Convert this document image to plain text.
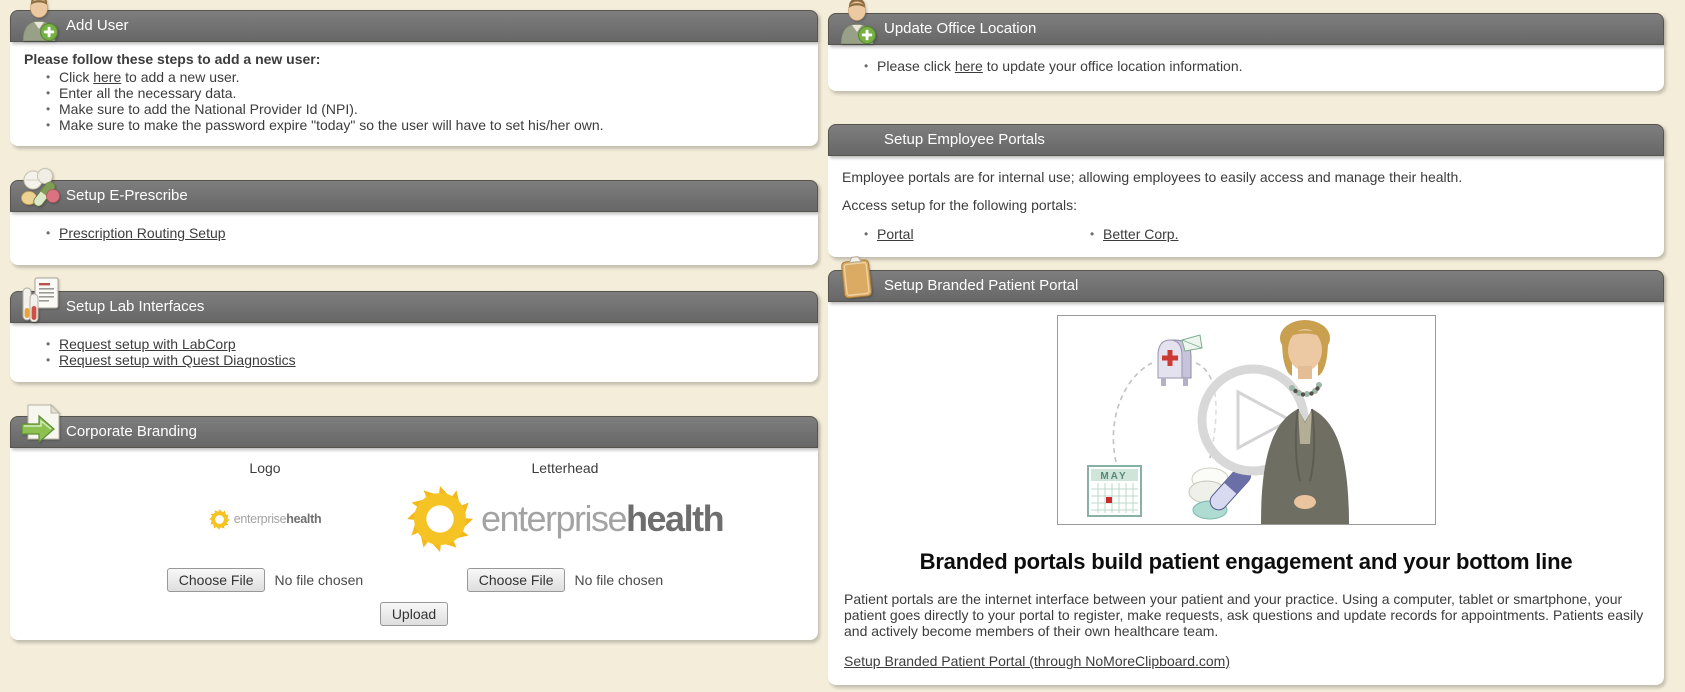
Add User

Please follow these steps to add a new user:

• Click here to add a new user.
• Enter all the necessary data.
• Make sure to add the National Provider Id (NPI).
• Make sure to make the password expire "today" so the user will have to set his/her own.
Setup E-Prescribe
• Prescription Routing Setup
Setup Lab Interfaces
• Request setup with LabCorp
• Request setup with Quest Diagnostics
Corporate Branding
Logo
enterprisehealth
Choose File	No file chosen
Letterhead
enterprisehealth
Choose File	No file chosen
Upload
Update Office Location
• Please click here to update your office location information.
Setup Employee Portals

Employee portals are for internal use; allowing employees to easily access and manage their health.

Access setup for the following portals:

• Portal	• Better Corp.
Setup Branded Patient Portal
MAY
Branded portals build patient engagement and your bottom line

Patient portals are the internet interface between your patient and your practice. Using a computer, tablet or smartphone, your patient goes directly to your portal to register, make requests, ask questions and update records for appointments. Patients easily and actively become members of their own healthcare team.

Setup Branded Patient Portal (through NoMoreClipboard.com)
